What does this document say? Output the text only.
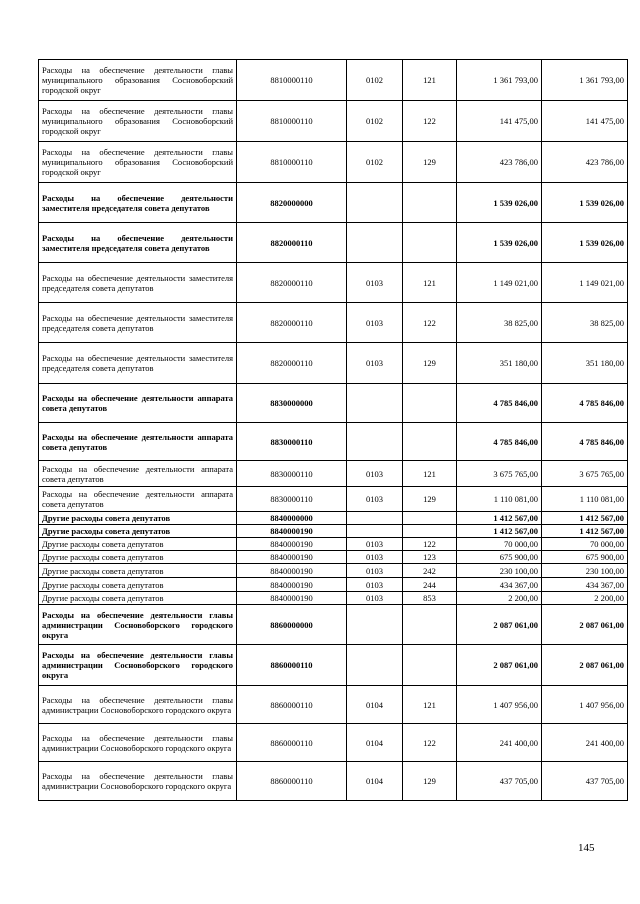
Расходы на обеспечение деятельности главы муниципального образования Сосновоборский городской округ	8810000110	0102	121	1 361 793,00	1 361 793,00
Расходы на обеспечение деятельности главы муниципального образования Сосновоборский городской округ	8810000110	0102	122	141 475,00	141 475,00
Расходы на обеспечение деятельности главы муниципального образования Сосновоборский городской округ	8810000110	0102	129	423 786,00	423 786,00
Расходы на обеспечение деятельности заместителя председателя совета депутатов	8820000000			1 539 026,00	1 539 026,00
Расходы на обеспечение деятельности заместителя председателя совета депутатов	8820000110			1 539 026,00	1 539 026,00
Расходы на обеспечение деятельности заместителя председателя совета депутатов	8820000110	0103	121	1 149 021,00	1 149 021,00
Расходы на обеспечение деятельности заместителя председателя совета депутатов	8820000110	0103	122	38 825,00	38 825,00
Расходы на обеспечение деятельности заместителя председателя совета депутатов	8820000110	0103	129	351 180,00	351 180,00
Расходы на обеспечение деятельности аппарата совета депутатов	8830000000			4 785 846,00	4 785 846,00
Расходы на обеспечение деятельности аппарата совета депутатов	8830000110			4 785 846,00	4 785 846,00
Расходы на обеспечение деятельности аппарата совета депутатов	8830000110	0103	121	3 675 765,00	3 675 765,00
Расходы на обеспечение деятельности аппарата совета депутатов	8830000110	0103	129	1 110 081,00	1 110 081,00
Другие расходы совета депутатов	8840000000			1 412 567,00	1 412 567,00
Другие расходы совета депутатов	8840000190			1 412 567,00	1 412 567,00
Другие расходы совета депутатов	8840000190	0103	122	70 000,00	70 000,00
Другие расходы совета депутатов	8840000190	0103	123	675 900,00	675 900,00
Другие расходы совета депутатов	8840000190	0103	242	230 100,00	230 100,00
Другие расходы совета депутатов	8840000190	0103	244	434 367,00	434 367,00
Другие расходы совета депутатов	8840000190	0103	853	2 200,00	2 200,00
Расходы на обеспечение деятельности главы администрации Сосновоборского городского округа	8860000000			2 087 061,00	2 087 061,00
Расходы на обеспечение деятельности главы администрации Сосновоборского городского округа	8860000110			2 087 061,00	2 087 061,00
Расходы на обеспечение деятельности главы администрации Сосновоборского городского округа	8860000110	0104	121	1 407 956,00	1 407 956,00
Расходы на обеспечение деятельности главы администрации Сосновоборского городского округа	8860000110	0104	122	241 400,00	241 400,00
Расходы на обеспечение деятельности главы администрации Сосновоборского городского округа	8860000110	0104	129	437 705,00	437 705,00
145
